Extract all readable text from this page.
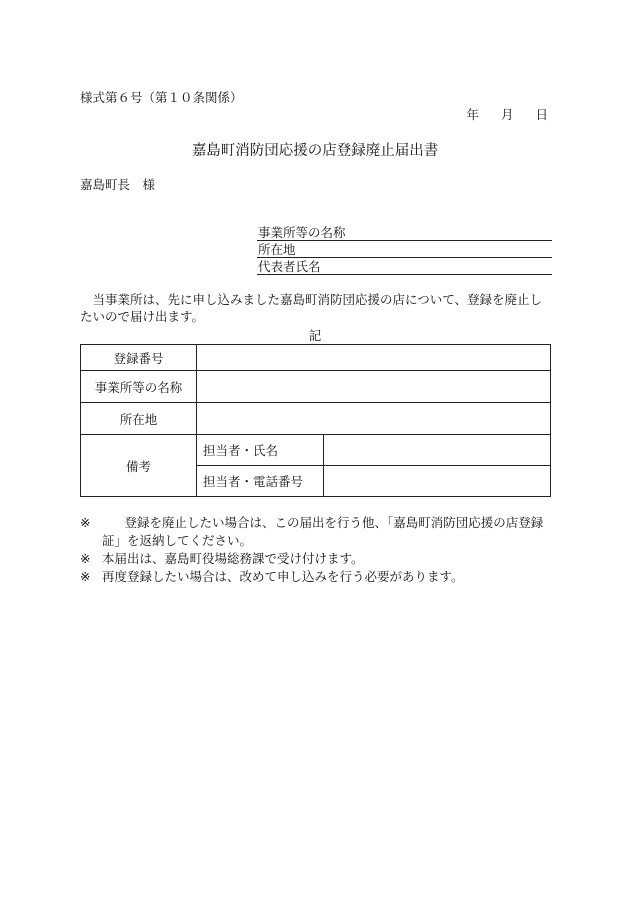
様式第６号（第１０条関係）
年 月 日
嘉島町消防団応援の店登録廃止届出書
嘉島町長　様
事業所等の名称
所在地
代表者氏名
当事業所は、先に申し込みました嘉島町消防団応援の店について、登録を廃止したいので届け出ます。
記
登録番号		
事業所等の名称		
所在地		
備考	担当者・氏名	
	担当者・電話番号	
※	登録を廃止したい場合は、この届出を行う他、「嘉島町消防団応援の店登録証」を返納してください。
※ 本届出は、嘉島町役場総務課で受け付けます。
※ 再度登録したい場合は、改めて申し込みを行う必要があります。
